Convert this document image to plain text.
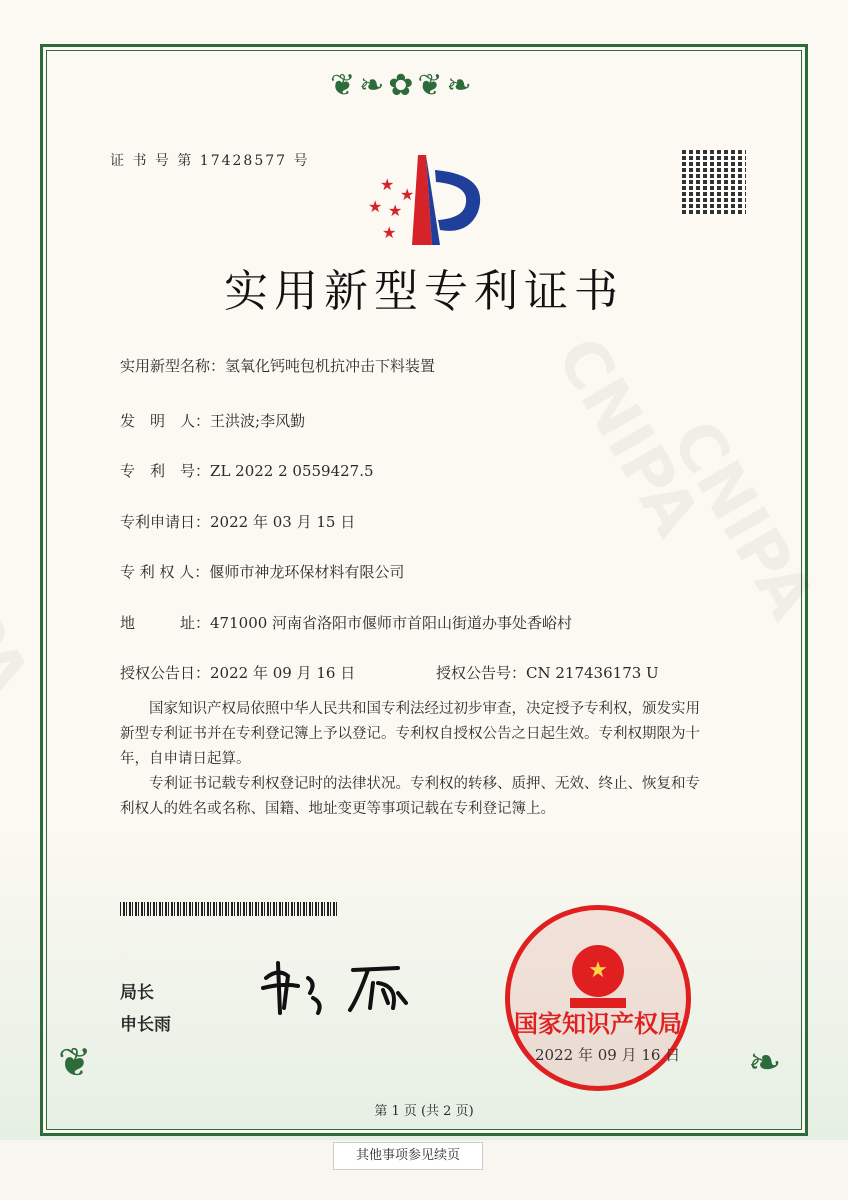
❦❧✿❦❧
❦	❧
证 书 号 第 17428577 号
★
★ ★
★
★
实用新型专利证书
实用新型名称：氢氧化钙吨包机抗冲击下料装置
发　明　人：王洪波;李风勤
专　利　号：ZL 2022 2 0559427.5
专利申请日：2022 年 03 月 15 日
专 利 权 人：偃师市神龙环保材料有限公司
地　　　址：471000 河南省洛阳市偃师市首阳山街道办事处香峪村
授权公告日：2022 年 09 月 16 日	授权公告号：CN 217436173 U
　　国家知识产权局依照中华人民共和国专利法经过初步审查，决定授予专利权，颁发实用
新型专利证书并在专利登记簿上予以登记。专利权自授权公告之日起生效。专利权期限为十
年，自申请日起算。
　　专利证书记载专利权登记时的法律状况。专利权的转移、质押、无效、终止、恢复和专
利权人的姓名或名称、国籍、地址变更等事项记载在专利登记簿上。
局长
申长雨
★
国家知识产权局
2022 年 09 月 16 日
第 1 页 (共 2 页)
其他事项参见续页
